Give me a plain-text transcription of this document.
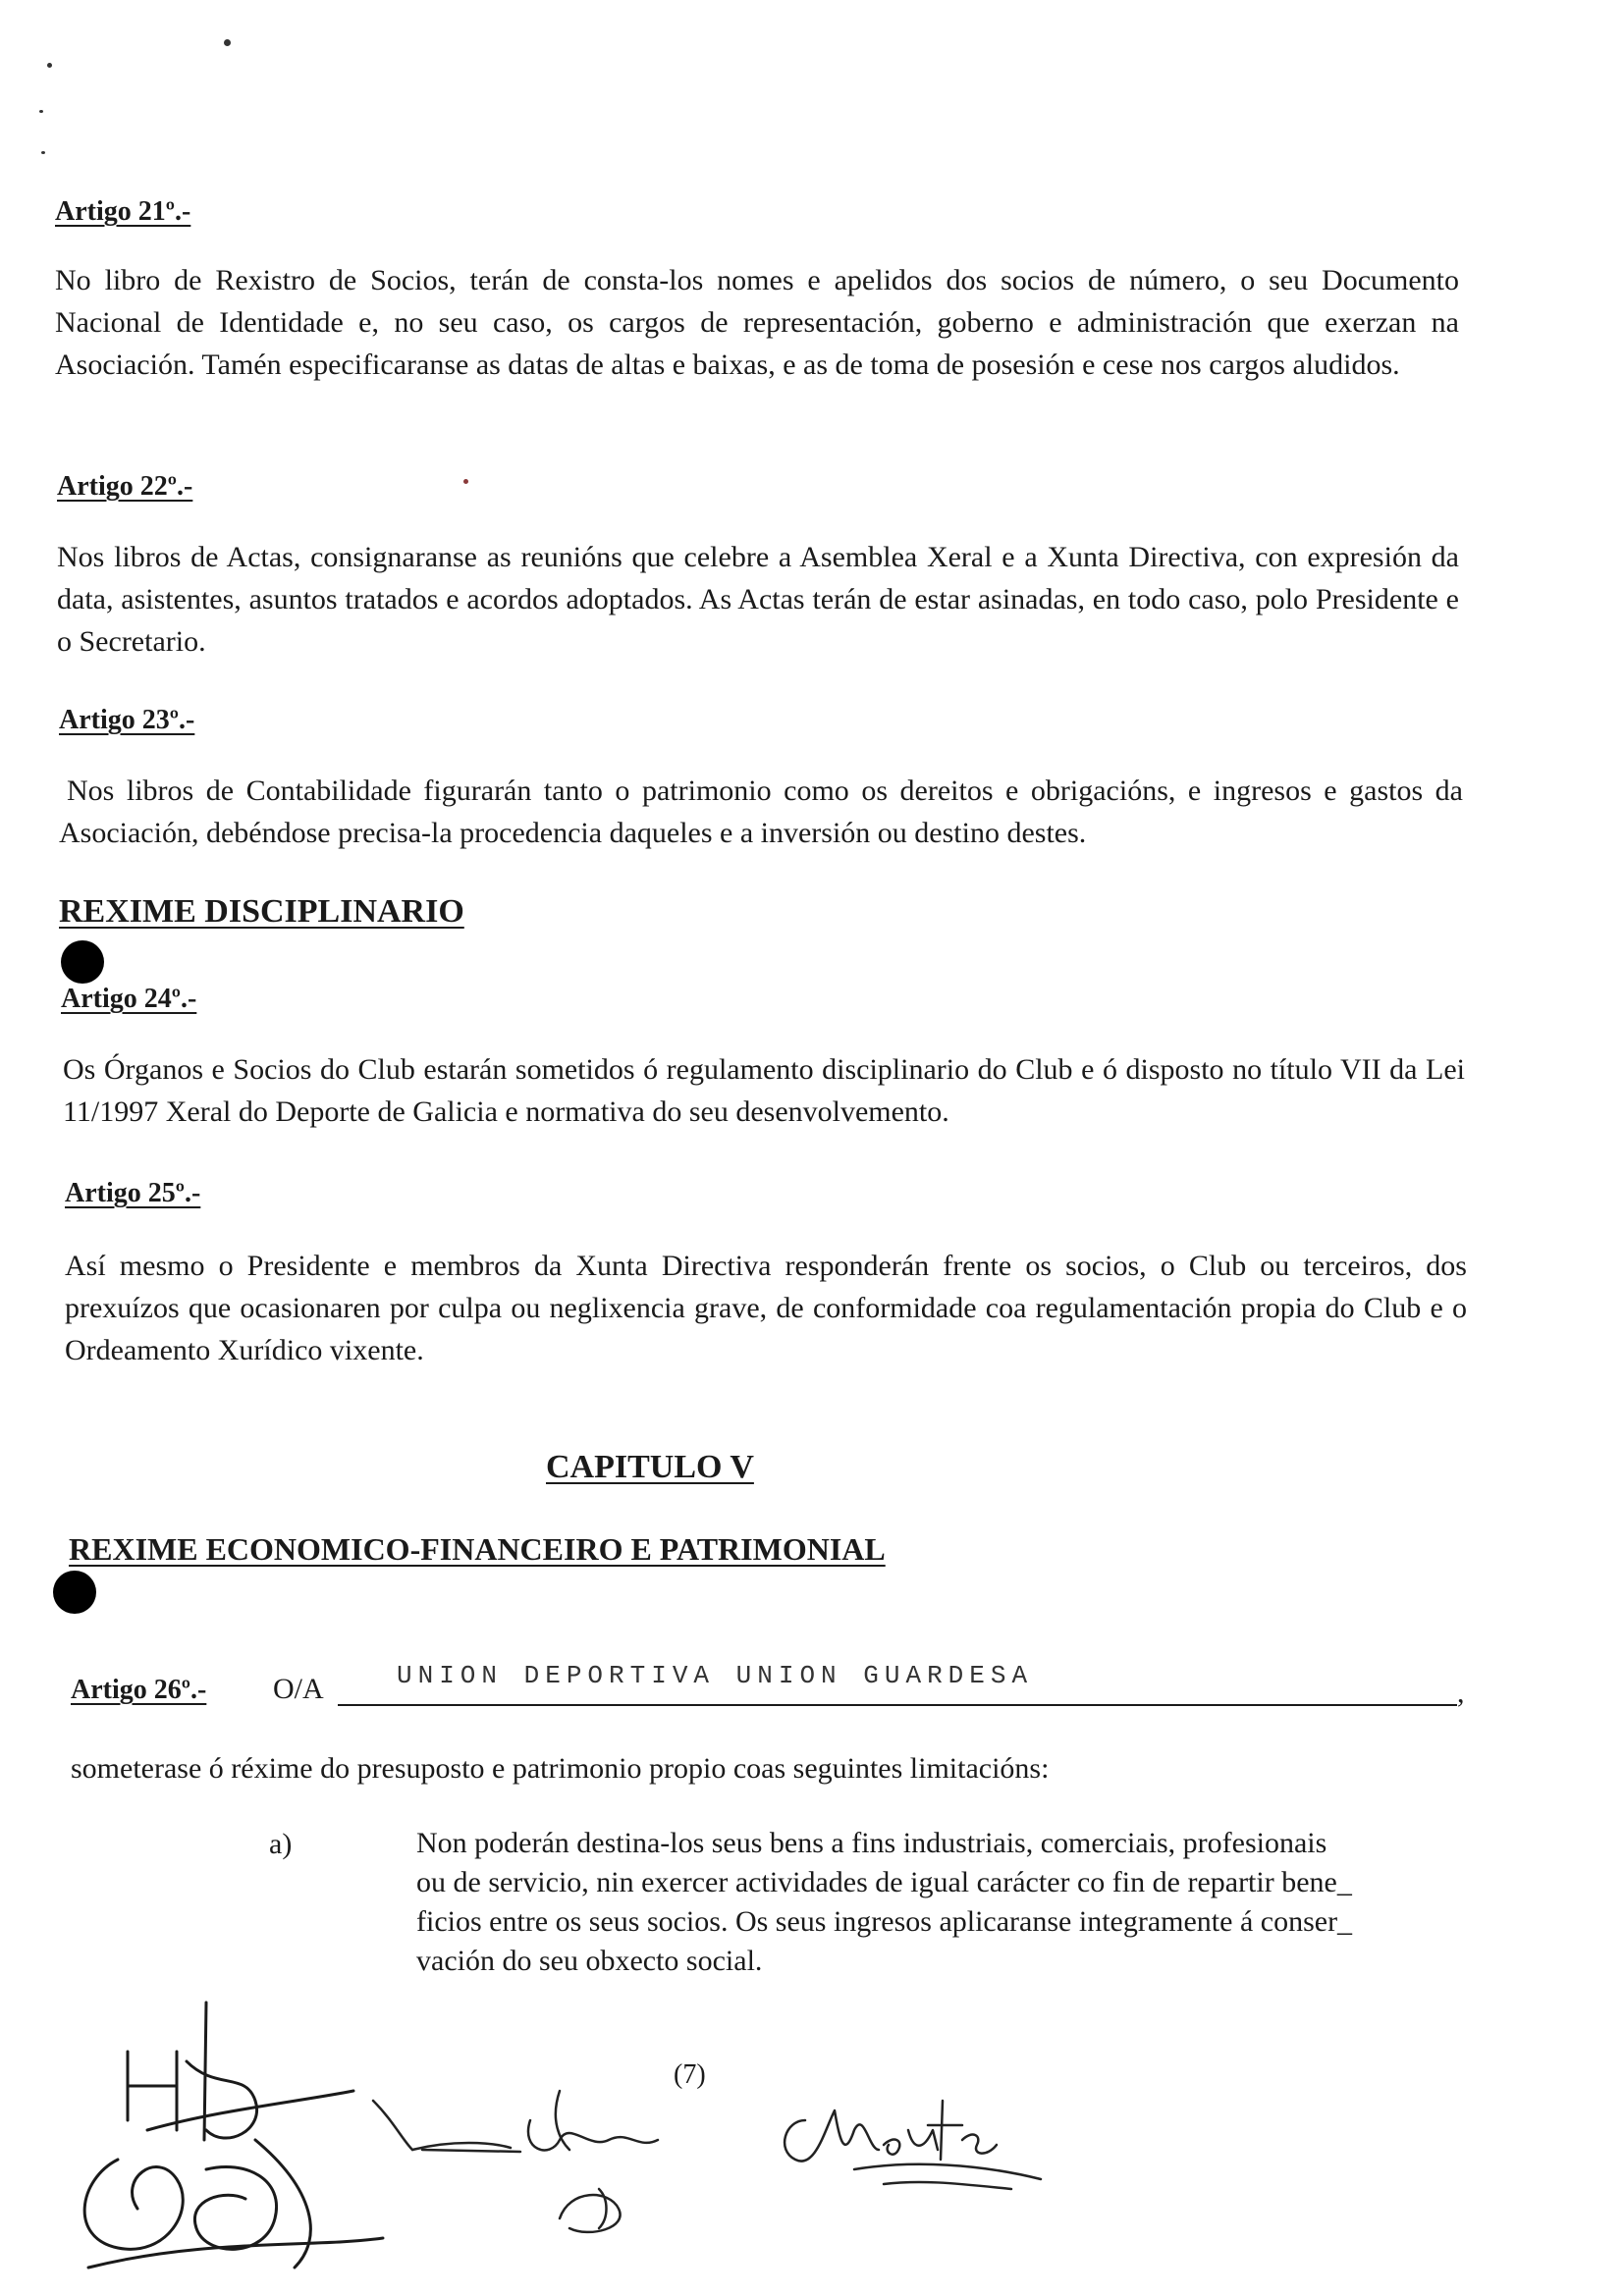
Artigo 21º.-
No libro de Rexistro de Socios, terán de consta-los nomes e apelidos dos socios de número, o seu Documento Nacional de Identidade e, no seu caso, os cargos de representación, goberno e administración que exerzan na Asociación. Tamén especificaranse as datas de altas e baixas, e as de toma de posesión e cese nos cargos aludidos.
Artigo 22º.-
Nos libros de Actas, consignaranse as reunións que celebre a Asemblea Xeral e a Xunta Directiva, con expresión da data, asistentes, asuntos tratados e acordos adoptados. As Actas terán de estar asinadas, en todo caso, polo Presidente e o Secretario.
Artigo 23º.-
Nos libros de Contabilidade figurarán tanto o patrimonio como os dereitos e obrigacións, e ingresos e gastos da Asociación, debéndose precisa-la procedencia daqueles e a inversión ou destino destes.
REXIME DISCIPLINARIO
Artigo 24º.-
Os Órganos e Socios do Club estarán sometidos ó regulamento disciplinario do Club e ó disposto no título VII da Lei 11/1997 Xeral do Deporte de Galicia e normativa do seu desenvolvemento.
Artigo 25º.-
Así mesmo o Presidente e membros da Xunta Directiva responderán frente os socios, o Club ou terceiros, dos prexuízos que ocasionaren por culpa ou neglixencia grave, de conformidade coa regulamentación propia do Club e o Ordeamento Xurídico vixente.
CAPITULO V
REXIME ECONOMICO-FINANCEIRO E PATRIMONIAL
Artigo 26º.- O/A	UNION DEPORTIVA UNION GUARDESA
,
someterase ó réxime do presuposto e patrimonio propio coas seguintes limitacións:
a)	Non poderán destina-los seus bens a fins industriais, comerciais, profesionais
ou de servicio, nin exercer actividades de igual carácter co fin de repartir bene_
ficios entre os seus socios. Os seus ingresos aplicaranse integramente á conser_
vación do seu obxecto social.
(7)
